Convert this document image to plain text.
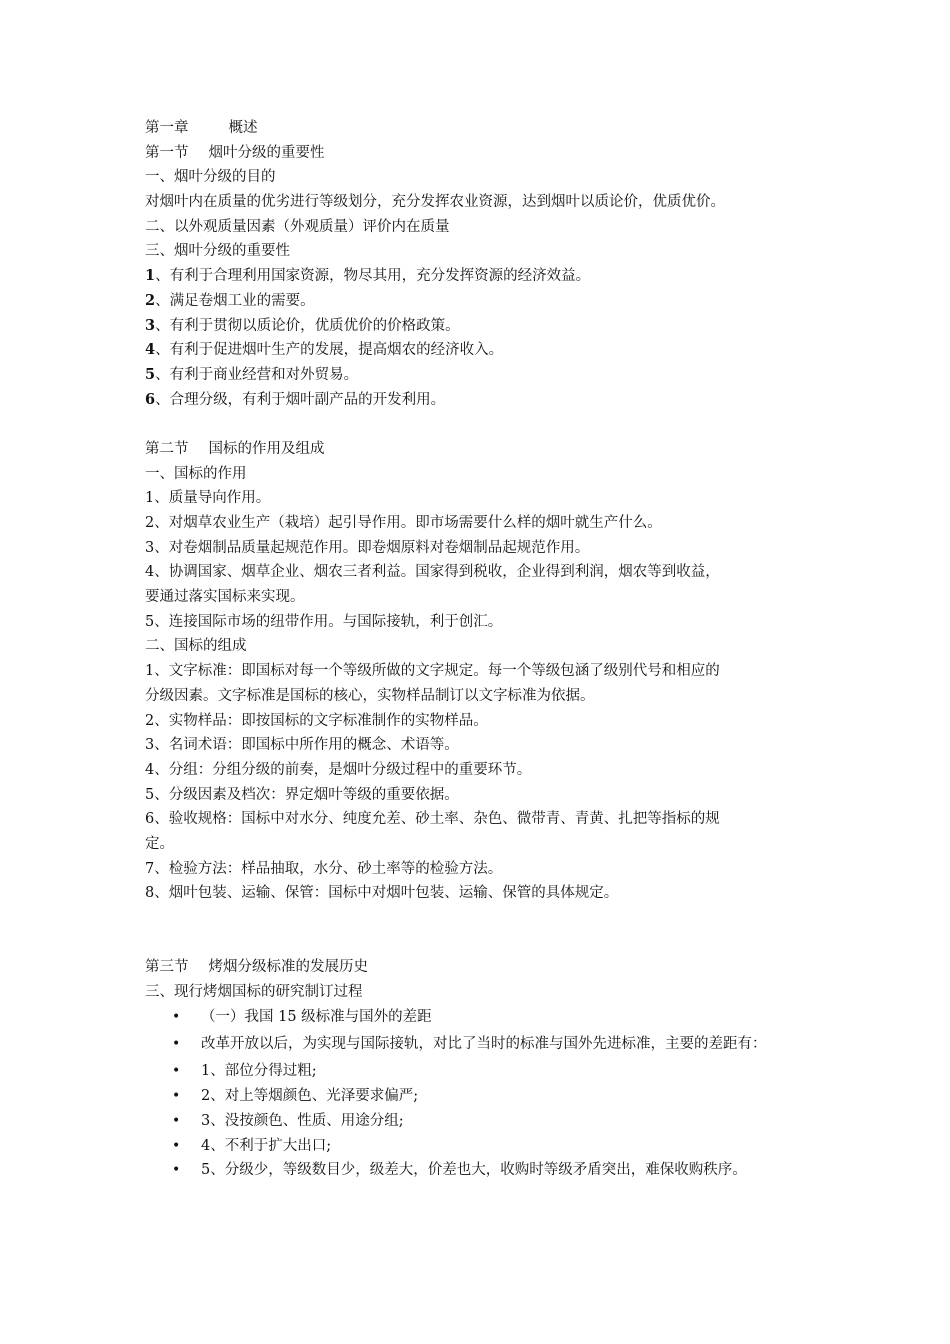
第一章	概述
第一节 烟叶分级的重要性
一、烟叶分级的目的
对烟叶内在质量的优劣进行等级划分，充分发挥农业资源，达到烟叶以质论价，优质优价。
二、以外观质量因素（外观质量）评价内在质量
三、烟叶分级的重要性
1、有利于合理利用国家资源，物尽其用，充分发挥资源的经济效益。
2、满足卷烟工业的需要。
3、有利于贯彻以质论价，优质优价的价格政策。
4、有利于促进烟叶生产的发展，提高烟农的经济收入。
5、有利于商业经营和对外贸易。
6、合理分级，有利于烟叶副产品的开发利用。
第二节 国标的作用及组成
一、国标的作用
1、质量导向作用。
2、对烟草农业生产（栽培）起引导作用。即市场需要什么样的烟叶就生产什么。
3、对卷烟制品质量起规范作用。即卷烟原料对卷烟制品起规范作用。
4、协调国家、烟草企业、烟农三者利益。国家得到税收，企业得到利润，烟农等到收益，
要通过落实国标来实现。
5、连接国际市场的纽带作用。与国际接轨，利于创汇。
二、国标的组成
1、文字标准：即国标对每一个等级所做的文字规定。每一个等级包涵了级别代号和相应的
分级因素。文字标准是国标的核心，实物样品制订以文字标准为依据。
2、实物样品：即按国标的文字标准制作的实物样品。
3、名词术语：即国标中所作用的概念、术语等。
4、分组：分组分级的前奏，是烟叶分级过程中的重要环节。
5、分级因素及档次：界定烟叶等级的重要依据。
6、验收规格：国标中对水分、纯度允差、砂土率、杂色、微带青、青黄、扎把等指标的规
定。
7、检验方法：样品抽取，水分、砂土率等的检验方法。
8、烟叶包装、运输、保管：国标中对烟叶包装、运输、保管的具体规定。
第三节 烤烟分级标准的发展历史
三、现行烤烟国标的研究制订过程
• （一）我国 15 级标准与国外的差距
• 改革开放以后，为实现与国际接轨，对比了当时的标准与国外先进标准，主要的差距有：
• 1、部位分得过粗;
• 2、对上等烟颜色、光泽要求偏严;
• 3、没按颜色、性质、用途分组;
• 4、不利于扩大出口;
• 5、分级少，等级数目少，级差大，价差也大，收购时等级矛盾突出，难保收购秩序。
